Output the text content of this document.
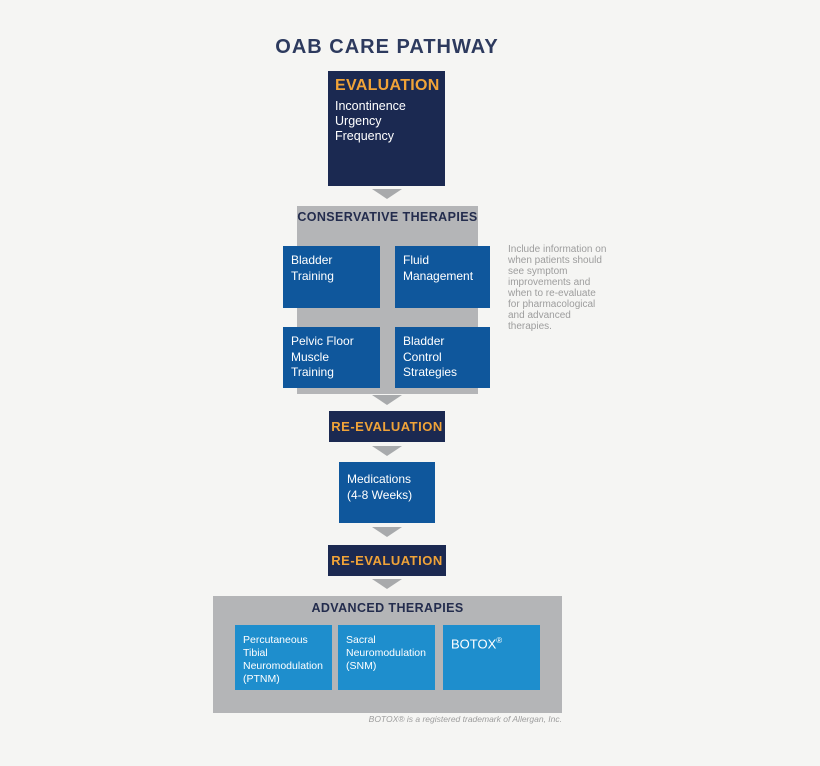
OAB CARE PATHWAY
EVALUATION
Incontinence
Urgency
Frequency
CONSERVATIVE THERAPIES
Bladder
Training
Fluid
Management
Pelvic Floor
Muscle Training
Bladder
Control
Strategies
Include information on when patients should see symptom improvements and when to re-evaluate for pharmacological and advanced therapies.
RE-EVALUATION
Medications
(4-8 Weeks)
RE-EVALUATION
ADVANCED THERAPIES
Percutaneous
Tibial
Neuromodulation
(PTNM)
Sacral
Neuromodulation
(SNM)
BOTOX®
BOTOX® is a registered trademark of Allergan, Inc.
